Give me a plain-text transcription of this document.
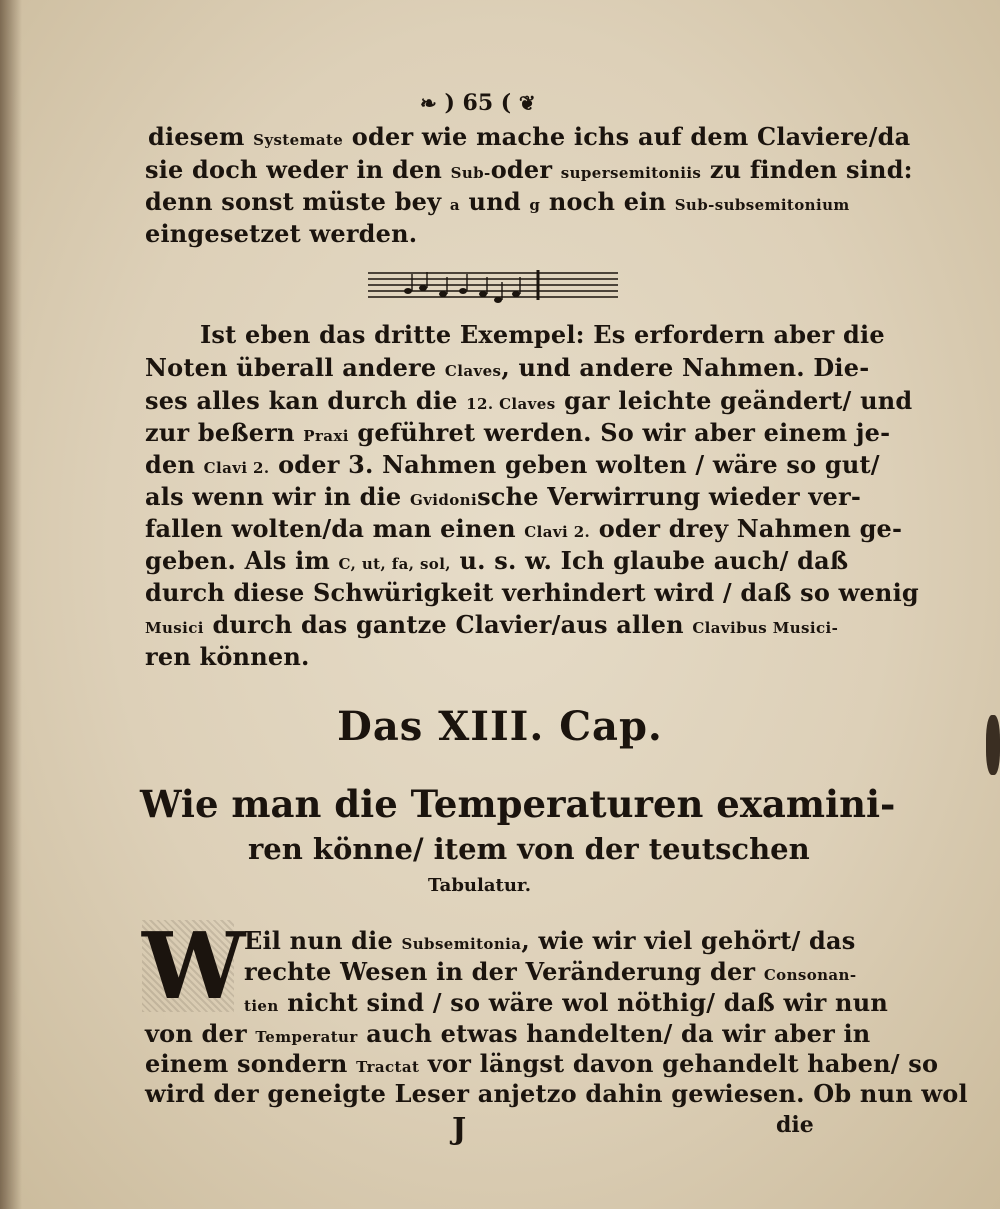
❧ ) 65 ( ❦
diesem Systemate oder wie mache ichs auf dem Claviere/da
sie doch weder in den Sub-oder supersemitoniis zu finden sind:
denn sonst müste bey a und g noch ein Sub-subsemitonium
eingesetzet werden.
Ist eben das dritte Exempel: Es erfordern aber die
Noten überall andere Claves, und andere Nahmen. Die-
ses alles kan durch die 12. Claves gar leichte geändert/ und
zur beßern Praxi geführet werden. So wir aber einem je-
den Clavi 2. oder 3. Nahmen geben wolten / wäre so gut/
als wenn wir in die Gvidonische Verwirrung wieder ver-
fallen wolten/da man einen Clavi 2. oder drey Nahmen ge-
geben. Als im C, ut, fa, sol, u. s. w. Ich glaube auch/ daß
durch diese Schwürigkeit verhindert wird / daß so wenig
Musici durch das gantze Clavier/aus allen Clavibus Musici-
ren können.
Das XIII. Cap.
Wie man die Temperaturen examini-
ren könne/ item von der teutschen
Tabulatur.
W
Eil nun die Subsemitonia, wie wir viel gehört/ das
rechte Wesen in der Veränderung der Consonan-
tien nicht sind / so wäre wol nöthig/ daß wir nun
von der Temperatur auch etwas handelten/ da wir aber in
einem sondern Tractat vor längst davon gehandelt haben/ so
wird der geneigte Leser anjetzo dahin gewiesen. Ob nun wol
J	die
